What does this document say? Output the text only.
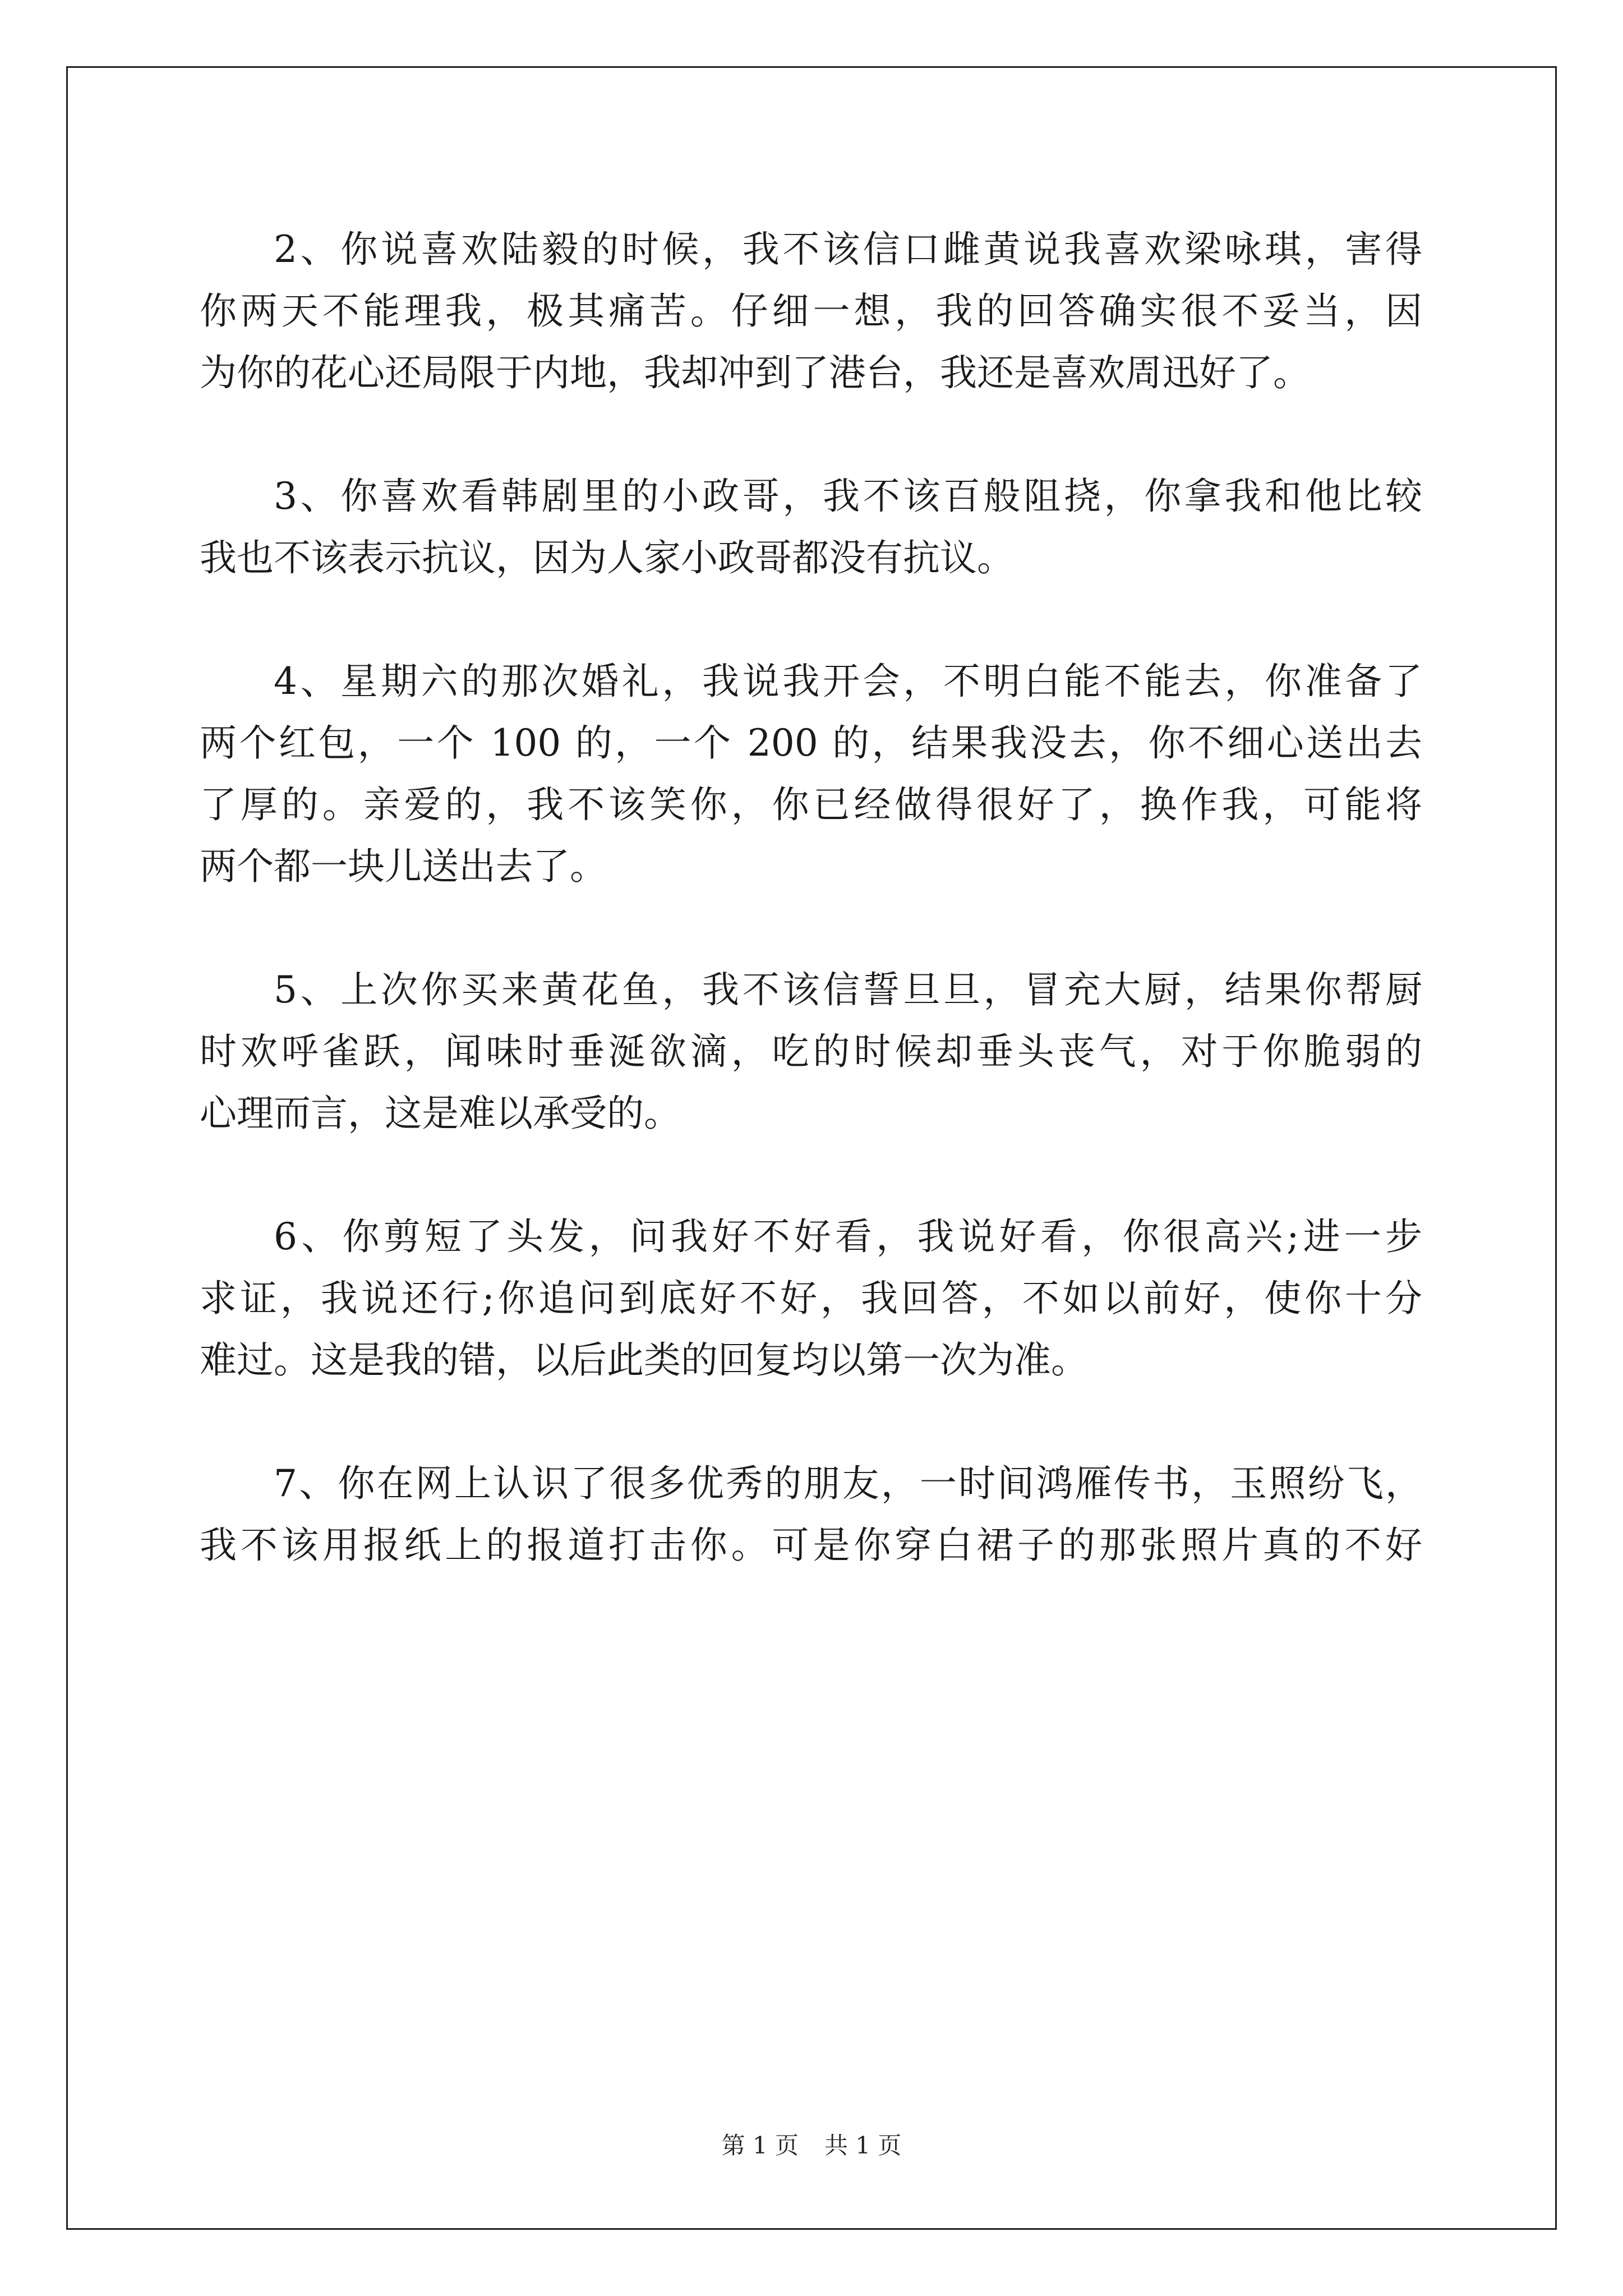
2、你说喜欢陆毅的时候，我不该信口雌黄说我喜欢梁咏琪，害得
你两天不能理我，极其痛苦。仔细一想，我的回答确实很不妥当，因
为你的花心还局限于内地，我却冲到了港台，我还是喜欢周迅好了。
3、你喜欢看韩剧里的小政哥，我不该百般阻挠，你拿我和他比较
我也不该表示抗议，因为人家小政哥都没有抗议。
4、星期六的那次婚礼，我说我开会，不明白能不能去，你准备了
两个红包，一个 100 的，一个 200 的，结果我没去，你不细心送出去
了厚的。亲爱的，我不该笑你，你已经做得很好了，换作我，可能将
两个都一块儿送出去了。
5、上次你买来黄花鱼，我不该信誓旦旦，冒充大厨，结果你帮厨
时欢呼雀跃，闻味时垂涎欲滴，吃的时候却垂头丧气，对于你脆弱的
心理而言，这是难以承受的。
6、你剪短了头发，问我好不好看，我说好看，你很高兴;进一步
求证，我说还行;你追问到底好不好，我回答，不如以前好，使你十分
难过。这是我的错，以后此类的回复均以第一次为准。
7、你在网上认识了很多优秀的朋友，一时间鸿雁传书，玉照纷飞，
我不该用报纸上的报道打击你。可是你穿白裙子的那张照片真的不好
第 1 页 共 1 页
